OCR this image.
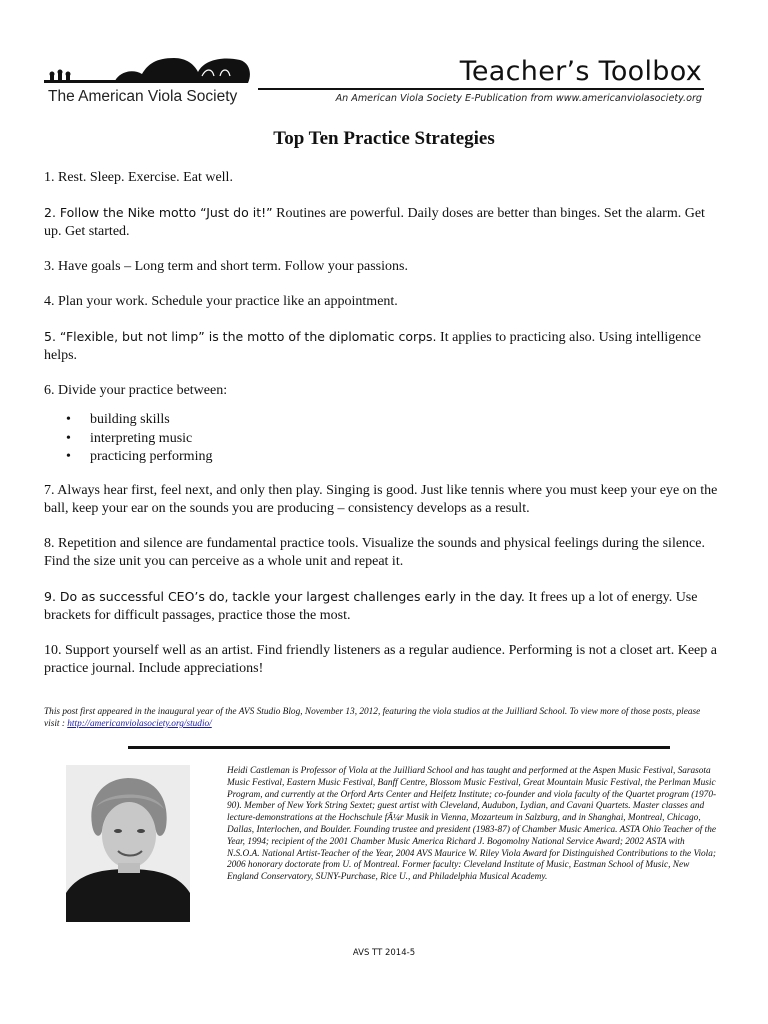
The American Viola Society
Teacher’s Toolbox
An American Viola Society E-Publication from www.americanviolasociety.org
Top Ten Practice Strategies
1. Rest. Sleep. Exercise. Eat well.
2. Follow the Nike motto “Just do it!” Routines are powerful. Daily doses are better than binges. Set the alarm. Get up. Get started.
3. Have goals – Long term and short term. Follow your passions.
4. Plan your work. Schedule your practice like an appointment.
5. “Flexible, but not limp” is the motto of the diplomatic corps. It applies to practicing also. Using intelligence helps.
6. Divide your practice between:
• building skills
• interpreting music
• practicing performing
7. Always hear first, feel next, and only then play. Singing is good. Just like tennis where you must keep your eye on the ball, keep your ear on the sounds you are producing – consistency develops as a result.
8. Repetition and silence are fundamental practice tools. Visualize the sounds and physical feelings during the silence. Find the size unit you can perceive as a whole unit and repeat it.
9. Do as successful CEO’s do, tackle your largest challenges early in the day. It frees up a lot of energy. Use brackets for difficult passages, practice those the most.
10. Support yourself well as an artist. Find friendly listeners as a regular audience. Performing is not a closet art. Keep a practice journal. Include appreciations!
This post first appeared in the inaugural year of the AVS Studio Blog, November 13, 2012, featuring the viola studios at the Juilliard School. To view more of those posts, please visit : http://americanviolasociety.org/studio/
Heidi Castleman is Professor of Viola at the Juilliard School and has taught and performed at the Aspen Music Festival, Sarasota Music Festival, Eastern Music Festival, Banff Centre, Blossom Music Festival, Great Mountain Music Festival, the Perlman Music Program, and currently at the Orford Arts Center and Heifetz Institute; co-founder and viola faculty of the Quartet program (1970-90). Member of New York String Sextet; guest artist with Cleveland, Audubon, Lydian, and Cavani Quartets. Master classes and lecture-demonstrations at the Hochschule fÃ¼r Musik in Vienna, Mozarteum in Salzburg, and in Shanghai, Montreal, Chicago, Dallas, Interlochen, and Boulder. Founding trustee and president (1983-87) of Chamber Music America. ASTA Ohio Teacher of the Year, 1994; recipient of the 2001 Chamber Music America Richard J. Bogomolny National Service Award; 2002 ASTA with N.S.O.A. National Artist-Teacher of the Year, 2004 AVS Maurice W. Riley Viola Award for Distinguished Contributions to the Viola; 2006 honorary doctorate from U. of Montreal. Former faculty: Cleveland Institute of Music, Eastman School of Music, New England Conservatory, SUNY-Purchase, Rice U., and Philadelphia Musical Academy.
AVS TT 2014-5
